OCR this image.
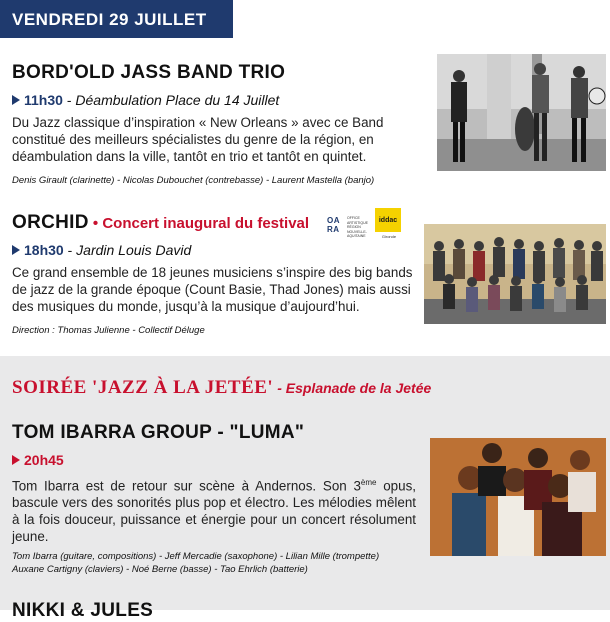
VENDREDI 29 JUILLET
BORD'OLD JASS BAND TRIO
11h30 - Déambulation Place du 14 Juillet
Du Jazz classique d’inspiration « New Orleans » avec ce Band constitué des meilleurs spécialistes du genre de la région, en déambulation dans la ville, tantôt en trio et tantôt en quintet.
Denis Girault (clarinette) - Nicolas Dubouchet (contrebasse) - Laurent Mastella (banjo)
ORCHID • Concert inaugural du festival
18h30 - Jardin Louis David
Ce grand ensemble de 18 jeunes musiciens s’inspire des big bands de jazz de la grande époque (Count Basie, Thad Jones) mais aussi des musiques du monde, jusqu’à la musique d’aujourd’hui.
Direction : Thomas Julienne - Collectif Déluge
OARA
OFFICE ARTISTIQUE RÉGION NOUVELLE-AQUITAINE
iddac
Gironde
SOIRÉE 'JAZZ À LA JETÉE' - Esplanade de la Jetée
TOM IBARRA GROUP - "LUMA"
20h45
Tom Ibarra est de retour sur scène à Andernos. Son 3ème opus, bascule vers des sonorités plus pop et électro. Les mélodies mêlent à la fois douceur, puissance et énergie pour un concert résolument jeune.
Tom Ibarra (guitare, compositions) - Jeff Mercadie (saxophone) - Lilian Mille (trompette)
Auxane Cartigny (claviers) - Noé Berne (basse) - Tao Ehrlich (batterie)
NIKKI & JULES
